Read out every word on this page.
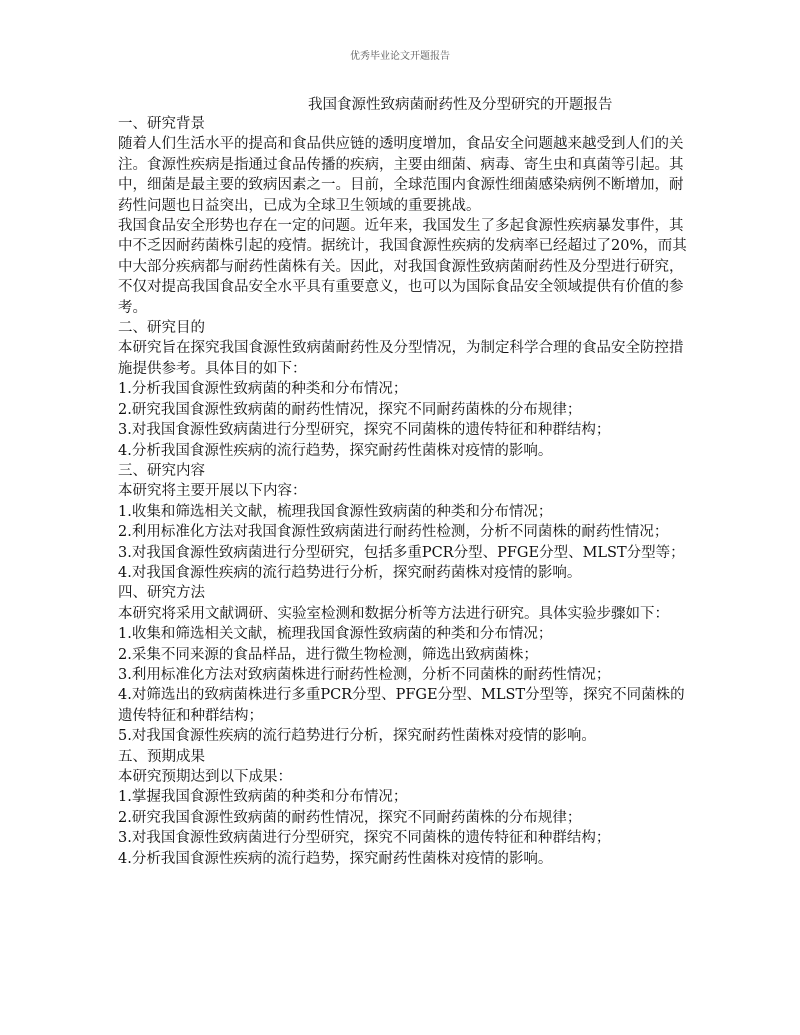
优秀毕业论文开题报告
我国食源性致病菌耐药性及分型研究的开题报告

一、研究背景

随着人们生活水平的提高和食品供应链的透明度增加，食品安全问题越来越受到人们的关注。食源性疾病是指通过食品传播的疾病，主要由细菌、病毒、寄生虫和真菌等引起。其中，细菌是最主要的致病因素之一。目前，全球范围内食源性细菌感染病例不断增加，耐药性问题也日益突出，已成为全球卫生领域的重要挑战。

我国食品安全形势也存在一定的问题。近年来，我国发生了多起食源性疾病暴发事件，其中不乏因耐药菌株引起的疫情。据统计，我国食源性疾病的发病率已经超过了20%，而其中大部分疾病都与耐药性菌株有关。因此，对我国食源性致病菌耐药性及分型进行研究，不仅对提高我国食品安全水平具有重要意义，也可以为国际食品安全领域提供有价值的参考。

二、研究目的

本研究旨在探究我国食源性致病菌耐药性及分型情况，为制定科学合理的食品安全防控措施提供参考。具体目的如下：

1.分析我国食源性致病菌的种类和分布情况；

2.研究我国食源性致病菌的耐药性情况，探究不同耐药菌株的分布规律；

3.对我国食源性致病菌进行分型研究，探究不同菌株的遗传特征和种群结构；

4.分析我国食源性疾病的流行趋势，探究耐药性菌株对疫情的影响。

三、研究内容

本研究将主要开展以下内容：

1.收集和筛选相关文献，梳理我国食源性致病菌的种类和分布情况；

2.利用标准化方法对我国食源性致病菌进行耐药性检测，分析不同菌株的耐药性情况；

3.对我国食源性致病菌进行分型研究，包括多重PCR分型、PFGE分型、MLST分型等；

4.对我国食源性疾病的流行趋势进行分析，探究耐药菌株对疫情的影响。

四、研究方法

本研究将采用文献调研、实验室检测和数据分析等方法进行研究。具体实验步骤如下：

1.收集和筛选相关文献，梳理我国食源性致病菌的种类和分布情况；

2.采集不同来源的食品样品，进行微生物检测，筛选出致病菌株；

3.利用标准化方法对致病菌株进行耐药性检测，分析不同菌株的耐药性情况；

4.对筛选出的致病菌株进行多重PCR分型、PFGE分型、MLST分型等，探究不同菌株的遗传特征和种群结构；

5.对我国食源性疾病的流行趋势进行分析，探究耐药性菌株对疫情的影响。

五、预期成果

本研究预期达到以下成果：

1.掌握我国食源性致病菌的种类和分布情况；

2.研究我国食源性致病菌的耐药性情况，探究不同耐药菌株的分布规律；

3.对我国食源性致病菌进行分型研究，探究不同菌株的遗传特征和种群结构；

4.分析我国食源性疾病的流行趋势，探究耐药性菌株对疫情的影响。
